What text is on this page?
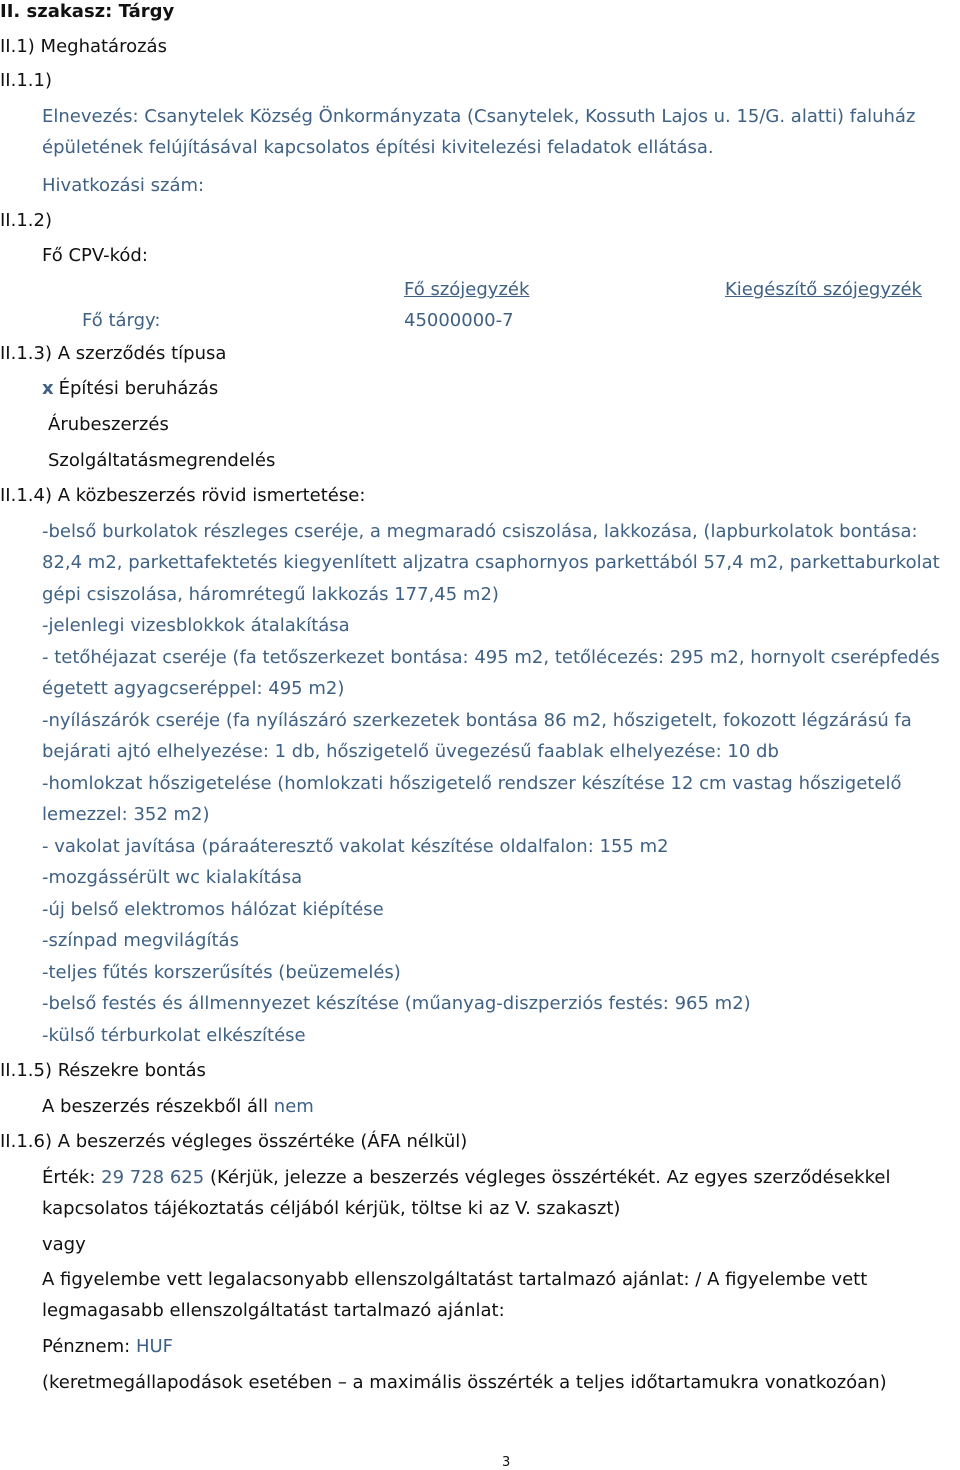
II. szakasz: Tárgy
II.1) Meghatározás
II.1.1)
Elnevezés: Csanytelek Község Önkormányzata (Csanytelek, Kossuth Lajos u. 15/G. alatti) faluház
épületének felújításával kapcsolatos építési kivitelezési feladatok ellátása.
Hivatkozási szám:
II.1.2)
Fő CPV-kód:
Fő szójegyzék	Kiegészítő szójegyzék
Fő tárgy:	45000000-7
II.1.3) A szerződés típusa
x Építési beruházás
Árubeszerzés
Szolgáltatásmegrendelés
II.1.4) A közbeszerzés rövid ismertetése:
-belső burkolatok részleges cseréje, a megmaradó csiszolása, lakkozása, (lapburkolatok bontása:
82,4 m2, parkettafektetés kiegyenlített aljzatra csaphornyos parkettából 57,4 m2, parkettaburkolat
gépi csiszolása, háromrétegű lakkozás 177,45 m2)
-jelenlegi vizesblokkok átalakítása
- tetőhéjazat cseréje (fa tetőszerkezet bontása: 495 m2, tetőlécezés: 295 m2, hornyolt cserépfedés
égetett agyagcseréppel: 495 m2)
-nyílászárók cseréje (fa nyílászáró szerkezetek bontása 86 m2, hőszigetelt, fokozott légzárású fa
bejárati ajtó elhelyezése: 1 db, hőszigetelő üvegezésű faablak elhelyezése: 10 db
-homlokzat hőszigetelése (homlokzati hőszigetelő rendszer készítése 12 cm vastag hőszigetelő
lemezzel: 352 m2)
- vakolat javítása (páraáteresztő vakolat készítése oldalfalon: 155 m2
-mozgássérült wc kialakítása
-új belső elektromos hálózat kiépítése
-színpad megvilágítás
-teljes fűtés korszerűsítés (beüzemelés)
-belső festés és állmennyezet készítése (műanyag-diszperziós festés: 965 m2)
-külső térburkolat elkészítése
II.1.5) Részekre bontás
A beszerzés részekből áll nem
II.1.6) A beszerzés végleges összértéke (ÁFA nélkül)
Érték: 29 728 625 (Kérjük, jelezze a beszerzés végleges összértékét. Az egyes szerződésekkel
kapcsolatos tájékoztatás céljából kérjük, töltse ki az V. szakaszt)
vagy
A figyelembe vett legalacsonyabb ellenszolgáltatást tartalmazó ajánlat: / A figyelembe vett
legmagasabb ellenszolgáltatást tartalmazó ajánlat:
Pénznem: HUF
(keretmegállapodások esetében – a maximális összérték a teljes időtartamukra vonatkozóan)
3
